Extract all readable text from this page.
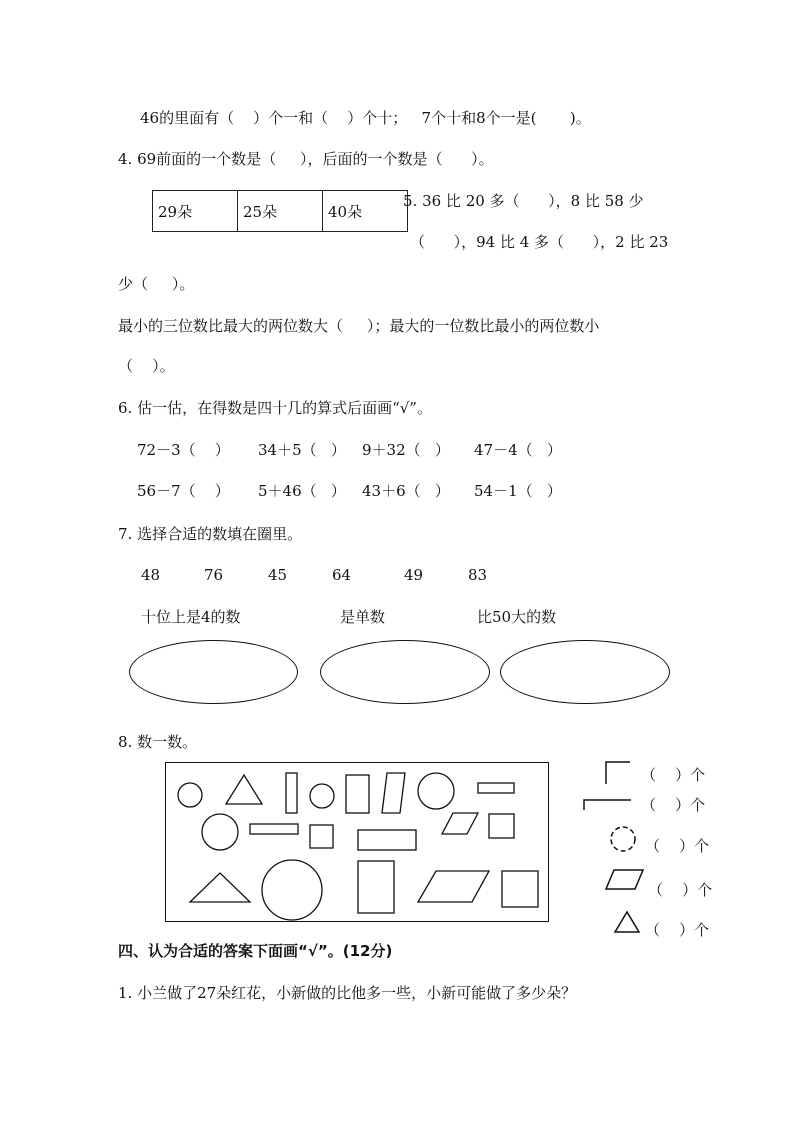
46的里面有（    ）个一和（    ）个十；   7个十和8个一是(       )。
4. 69前面的一个数是（     ），后面的一个数是（      ）。
29朵	25朵	40朵
5. 36 比 20 多（      ），8 比 58 少
（      ），94 比 4 多（      ），2 比 23
少（     ）。
最小的三位数比最大的两位数大（     ）；最大的一位数比最小的两位数小
（    ）。
6. 估一估，在得数是四十几的算式后面画“√”。
72－3（    ） 34＋5（   ） 9＋32（   ） 47－4（   ）
56－7（    ） 5＋46（   ） 43＋6（   ） 54－1（   ）
7. 选择合适的数填在圈里。
48	76	45	64	49	83
十位上是4的数	是单数	比50大的数
8. 数一数。
（    ）个
（    ）个
（    ）个
（    ）个
（    ）个
四、认为合适的答案下面画“√”。(12分)
1. 小兰做了27朵红花，小新做的比他多一些，小新可能做了多少朵？
